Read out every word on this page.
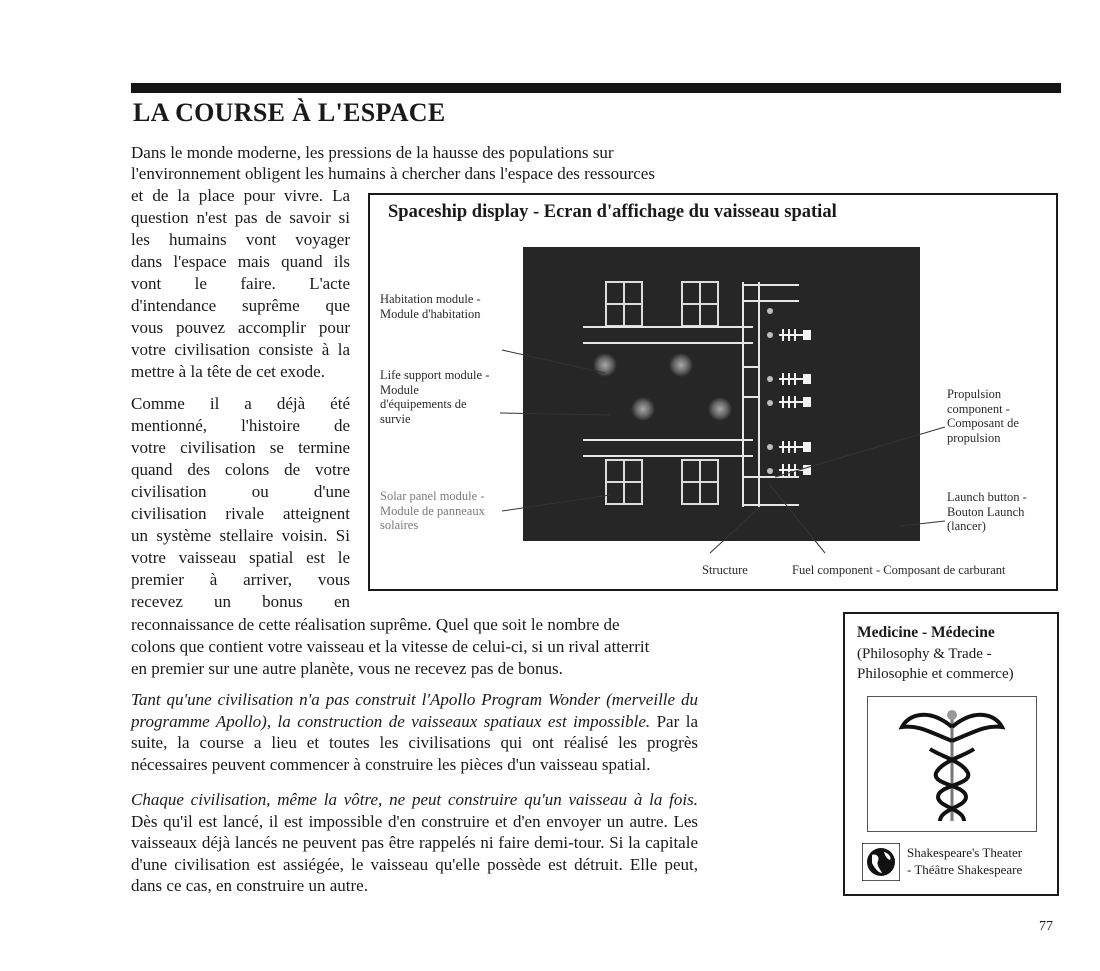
LA COURSE À L'ESPACE

Dans le monde moderne, les pressions de la hausse des populations sur

l'environnement obligent les humains à chercher dans l'espace des ressources

et de la place pour vivre. La

question n'est pas de savoir si

les humains vont voyager

dans l'espace mais quand ils

vont le faire. L'acte

d'intendance suprême que

vous pouvez accomplir pour

votre civilisation consiste à la

mettre à la tête de cet exode.

Comme il a déjà été

mentionné, l'histoire de

votre civilisation se termine

quand des colons de votre

civilisation ou d'une

civilisation rivale atteignent

un système stellaire voisin. Si

votre vaisseau spatial est le

premier à arriver, vous

recevez un bonus en

reconnaissance de cette réalisation suprême. Quel que soit le nombre de

colons que contient votre vaisseau et la vitesse de celui-ci, si un rival atterrit

en premier sur une autre planète, vous ne recevez pas de bonus.

Tant qu'une civilisation n'a pas construit l'Apollo Program Wonder (merveille du programme Apollo), la construction de vaisseaux spatiaux est impossible. Par la suite, la course a lieu et toutes les civilisations qui ont réalisé les progrès nécessaires peuvent commencer à construire les pièces d'un vaisseau spatial.

Chaque civilisation, même la vôtre, ne peut construire qu'un vaisseau à la fois. Dès qu'il est lancé, il est impossible d'en construire et d'en envoyer un autre. Les vaisseaux déjà lancés ne peuvent pas être rappelés ni faire demi-tour. Si la capitale d'une civilisation est assiégée, le vaisseau qu'elle possède est détruit. Elle peut, dans ce cas, en construire un autre.

Spaceship display - Ecran d'affichage du vaisseau spatial
Habitation module -
Module d'habitation
Life support module -
Module
d'équipements de
survie
Solar panel module -
Module de panneaux
solaires
Propulsion
component -
Composant de
propulsion
Launch button -
Bouton Launch
(lancer)
Structure	Fuel component - Composant de carburant
Medicine - Médecine
(Philosophy & Trade -
Philosophie et commerce)
Shakespeare's Theater
- Théâtre Shakespeare
77
